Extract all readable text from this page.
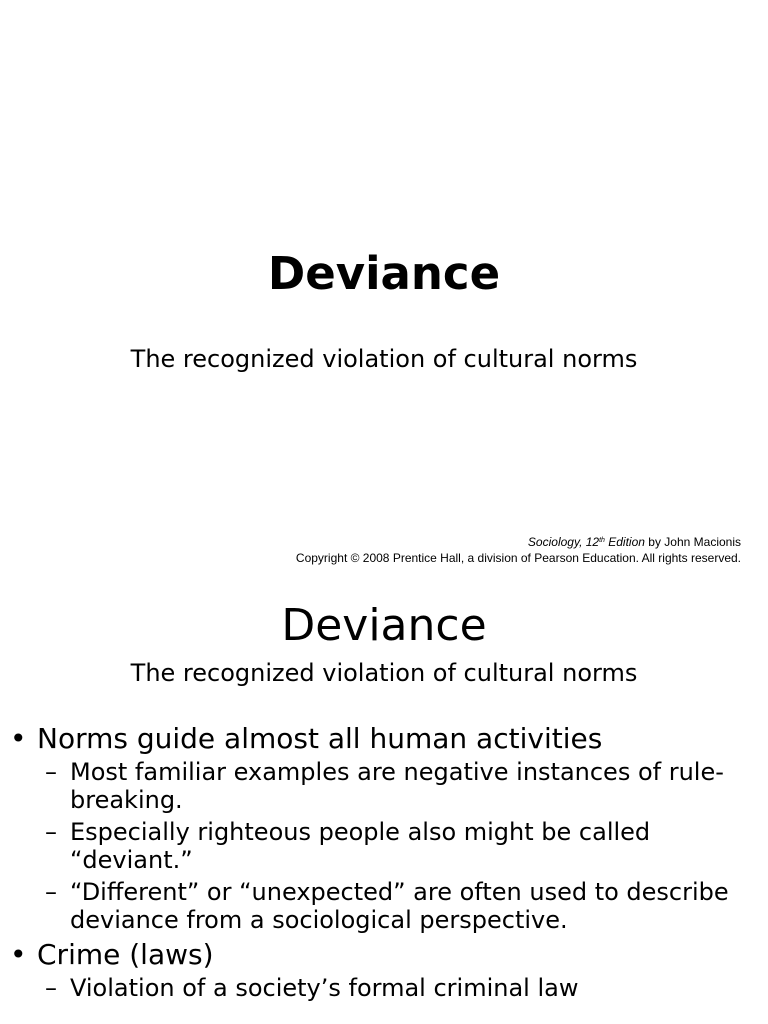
Deviance
The recognized violation of cultural norms
Sociology, 12th Edition by John Macionis
Copyright © 2008 Prentice Hall, a division of Pearson Education. All rights reserved.
Deviance
The recognized violation of cultural norms
• Norms guide almost all human activities
– Most familiar examples are negative instances of rule-breaking.
– Especially righteous people also might be called “deviant.”
– “Different” or “unexpected” are often used to describe deviance from a sociological perspective.
• Crime (laws)
– Violation of a society’s formal criminal law
